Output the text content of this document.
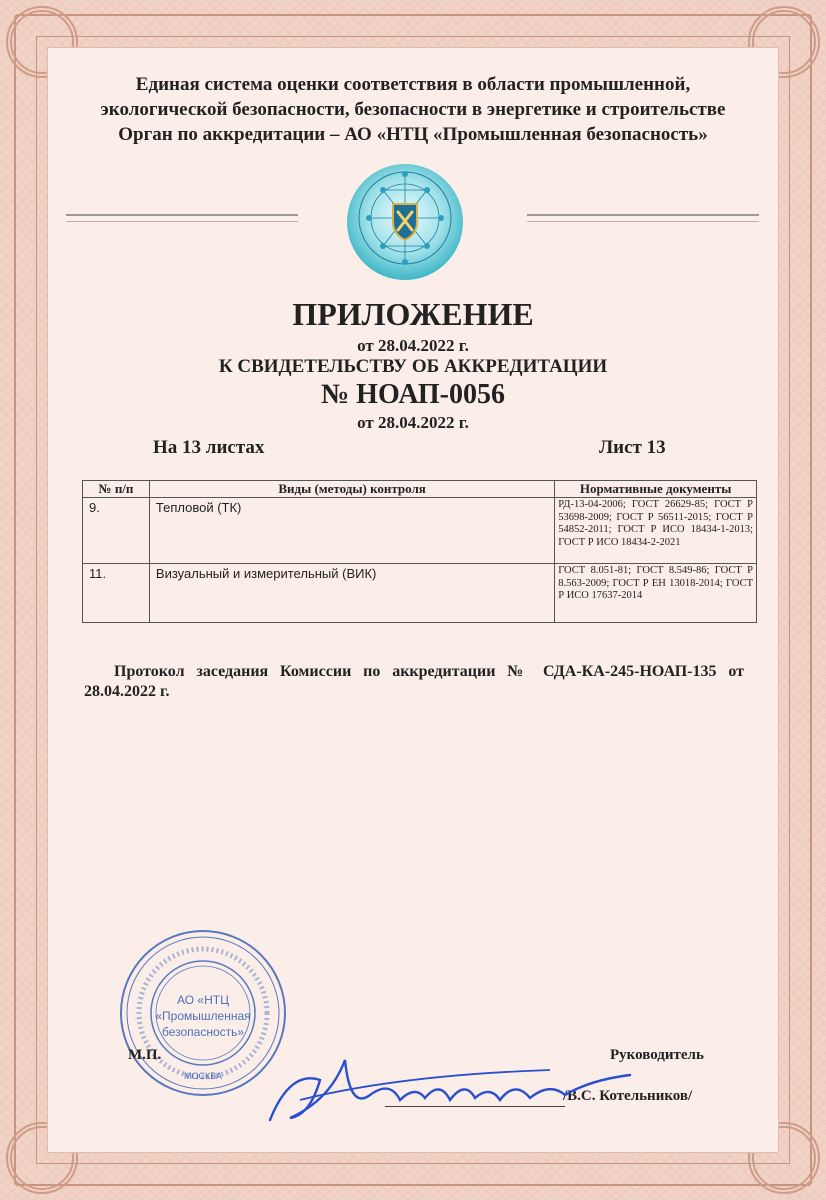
Единая система оценки соответствия в области промышленной,
экологической безопасности, безопасности в энергетике и строительстве
Орган по аккредитации – АО «НТЦ «Промышленная безопасность»
ПРИЛОЖЕНИЕ
от 28.04.2022 г.
К СВИДЕТЕЛЬСТВУ ОБ АККРЕДИТАЦИИ
№ НОАП-0056
от 28.04.2022 г.
На 13 листах	Лист 13
№ п/п	Виды (методы) контроля	Нормативные документы
9.	Тепловой (ТК)	РД-13-04-2006; ГОСТ 26629-85; ГОСТ Р 53698-2009; ГОСТ Р 56511-2015; ГОСТ Р 54852-2011; ГОСТ Р ИСО 18434-1-2013; ГОСТ Р ИСО 18434-2-2021
11.	Визуальный и измерительный (ВИК)	ГОСТ 8.051-81; ГОСТ 8.549-86; ГОСТ Р 8.563-2009; ГОСТ Р ЕН 13018-2014; ГОСТ Р ИСО 17637-2014
Протокол заседания Комиссии по аккредитации № СДА-КА-245-НОАП-135 от 28.04.2022 г.
АО «НТЦ
«Промышленная
безопасность»
МОСКВА
М.П.	Руководитель
/В.С. Котельников/
